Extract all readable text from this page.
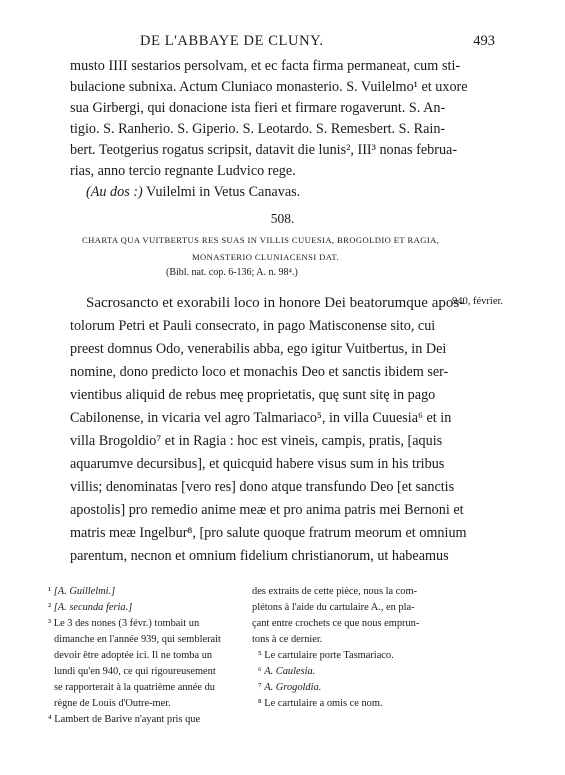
DE L'ABBAYE DE CLUNY.	493
musto IIII sestarios persolvam, et ec facta firma permaneat, cum sti-
bulacione subnixa. Actum Cluniaco monasterio. S. Vuilelmo¹ et uxore
sua Girbergi, qui donacione ista fieri et firmare rogaverunt. S. An-
tigio. S. Ranherio. S. Giperio. S. Leotardo. S. Remesbert. S. Rain-
bert. Teotgerius rogatus scripsit, datavit die lunis², III³ nonas februa-
rias, anno tercio regnante Ludvico rege.
(Au dos :) Vuilelmi in Vetus Canavas.
508.
CHARTA QUA VUITBERTUS RES SUAS IN VILLIS CUUESIA, BROGOLDIO ET RAGIA,
MONASTERIO CLUNIACENSI DAT.
(Bibl. nat. cop. 6-136; A. n. 98⁴.)
940, février.
Sacrosancto et exorabili loco in honore Dei beatorumque apos-
tolorum Petri et Pauli consecrato, in pago Matisconense sito, cui
preest domnus Odo, venerabilis abba, ego igitur Vuitbertus, in Dei
nomine, dono predicto loco et monachis Deo et sanctis ibidem ser-
vientibus aliquid de rebus meę proprietatis, quę sunt sitę in pago
Cabilonense, in vicaria vel agro Talmariaco⁵, in villa Cuuesia⁶ et in
villa Brogoldio⁷ et in Ragia : hoc est vineis, campis, pratis, [aquis
aquarumve decursibus], et quicquid habere visus sum in his tribus
villis; denominatas [vero res] dono atque transfundo Deo [et sanctis
apostolis] pro remedio anime meæ et pro anima patris mei Bernoni et
matris meæ Ingelbur⁸, [pro salute quoque fratrum meorum et omnium
parentum, necnon et omnium fidelium christianorum, ut habeamus
¹ [A. Guillelmi.]
² [A. secunda feria.]
³ Le 3 des nones (3 févr.) tombait un
dimanche en l'année 939, qui semblerait
devoir être adoptée ici. Il ne tomba un
lundi qu'en 940, ce qui rigoureusement
se rapporterait à la quatrième année du
règne de Louis d'Outre-mer.
⁴ Lambert de Barive n'ayant pris que
des extraits de cette pièce, nous la com-
plétons à l'aide du cartulaire A., en pla-
çant entre crochets ce que nous emprun-
tons à ce dernier.
⁵ Le cartulaire porte Tasmariaco.
⁶ A. Caulesia.
⁷ A. Grogoldia.
⁸ Le cartulaire a omis ce nom.
